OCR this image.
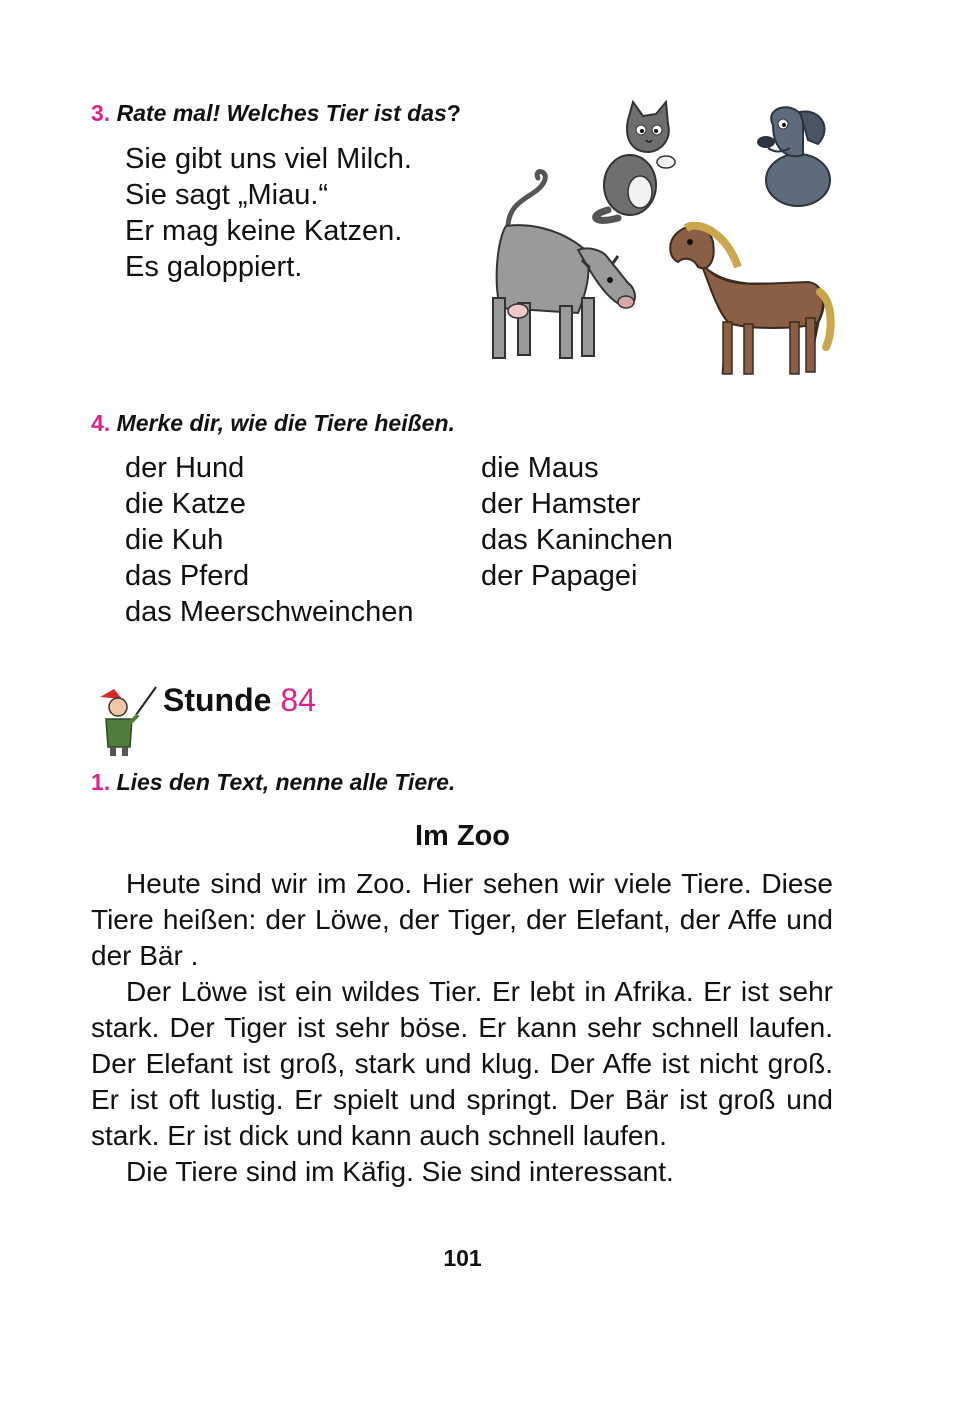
3. Rate mal! Welches Tier ist das?
Sie gibt uns viel Milch.
Sie sagt „Miau.“
Er mag keine Katzen.
Es galoppiert.
4. Merke dir, wie die Tiere heißen.
der Hund
die Katze
die Kuh
das Pferd
das Meerschweinchen
die Maus
der Hamster
das Kaninchen
der Papagei
Stunde 84
1. Lies den Text, nenne alle Tiere.
Im Zoo

Heute sind wir im Zoo. Hier sehen wir viele Tiere. Diese Tiere heißen: der Löwe, der Tiger, der Elefant, der Affe und der Bär .

Der Löwe ist ein wildes Tier. Er lebt in Afrika. Er ist sehr stark. Der Tiger ist sehr böse. Er kann sehr schnell laufen. Der Elefant ist groß, stark und klug. Der Affe ist nicht groß. Er ist oft lustig. Er spielt und springt. Der Bär ist groß und stark. Er ist dick und kann auch schnell laufen.

Die Tiere sind im Käfig. Sie sind interessant.

101
